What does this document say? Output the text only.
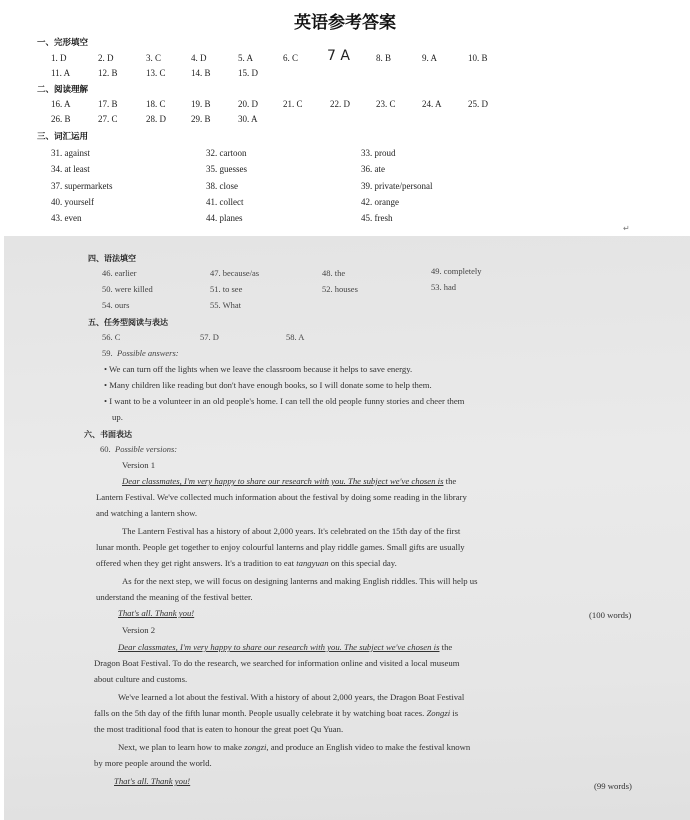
英语参考答案
一、完形填空
1. D	2. D	3. C	4. D	5. A	6. C 7 A	8. B	9. A	10. B
11. A	12. B	13. C	14. B	15. D
二、阅读理解
16. A	17. B	18. C	19. B	20. D	21. C	22. D	23. C	24. A	25. D
26. B	27. C	28. D	29. B	30. A
三、词汇运用
31. against	32. cartoon	33. proud
34. at least	35. guesses	36. ate
37. supermarkets	38. close	39. private/personal
40. yourself	41. collect	42. orange
43. even	44. planes	45. fresh
↵
四、语法填空
46. earlier	47. because/as	48. the	49. completely
50. were killed	51. to see	52. houses	53. had
54. ours	55. What
五、任务型阅读与表达
56. C	57. D	58. A
59. Possible answers:
• We can turn off the lights when we leave the classroom because it helps to save energy.
• Many children like reading but don't have enough books, so I will donate some to help them.
• I want to be a volunteer in an old people's home. I can tell the old people funny stories and cheer them
up.
六、书面表达
60. Possible versions:
Version 1
Dear classmates, I'm very happy to share our research with you. The subject we've chosen is the
Lantern Festival. We've collected much information about the festival by doing some reading in the library
and watching a lantern show.
The Lantern Festival has a history of about 2,000 years. It's celebrated on the 15th day of the first
lunar month. People get together to enjoy colourful lanterns and play riddle games. Small gifts are usually
offered when they get right answers. It's a tradition to eat tangyuan on this special day.
As for the next step, we will focus on designing lanterns and making English riddles. This will help us
understand the meaning of the festival better.
That's all. Thank you!	(100 words)
Version 2
Dear classmates, I'm very happy to share our research with you. The subject we've chosen is the
Dragon Boat Festival. To do the research, we searched for information online and visited a local museum
about culture and customs.
We've learned a lot about the festival. With a history of about 2,000 years, the Dragon Boat Festival
falls on the 5th day of the fifth lunar month. People usually celebrate it by watching boat races. Zongzi is
the most traditional food that is eaten to honour the great poet Qu Yuan.
Next, we plan to learn how to make zongzi, and produce an English video to make the festival known
by more people around the world.
That's all. Thank you!	(99 words)
